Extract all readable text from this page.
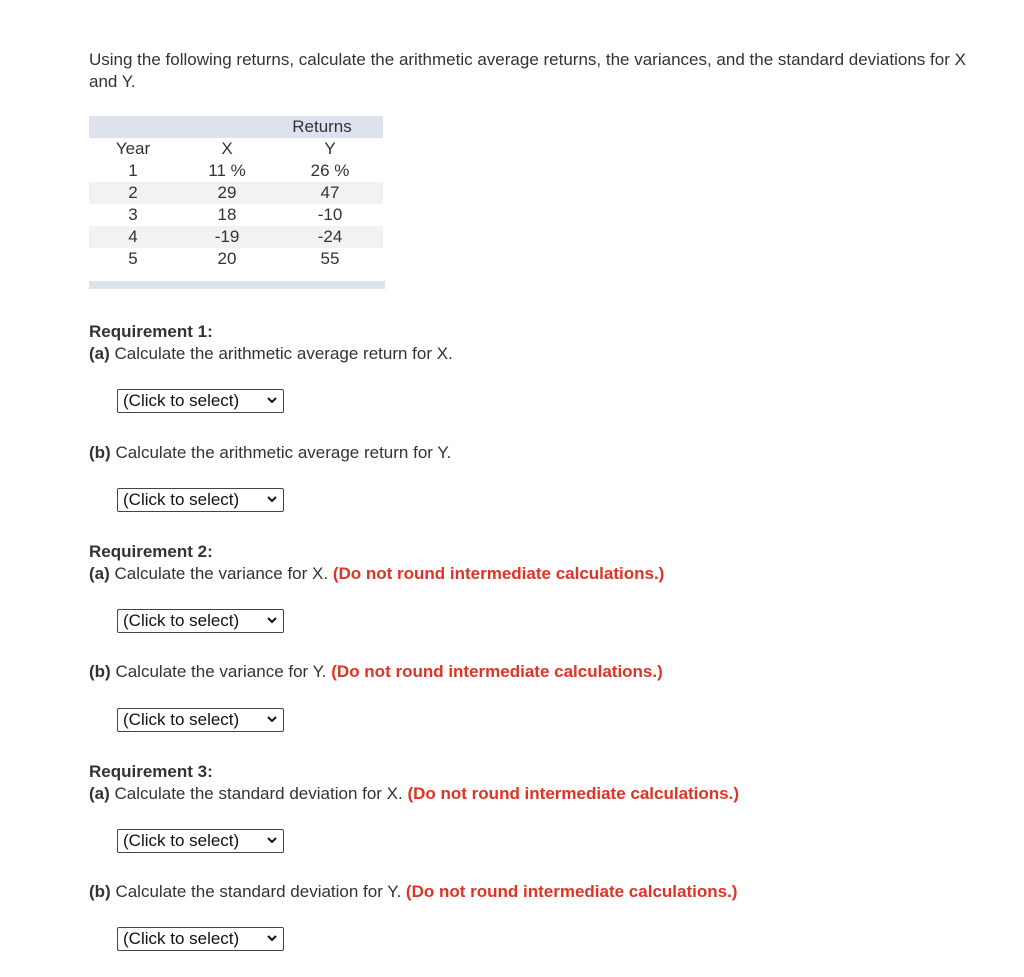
Using the following returns, calculate the arithmetic average returns, the variances, and the standard deviations for X and Y.

	Returns	
Year	X	Y
1	11 %	26 %
2	29	47
3	18	-10
4	-19	-24
5	20	55

Requirement 1:

(a) Calculate the arithmetic average return for X.

(Click to select)

(b) Calculate the arithmetic average return for Y.

(Click to select)

Requirement 2:

(a) Calculate the variance for X. (Do not round intermediate calculations.)

(Click to select)

(b) Calculate the variance for Y. (Do not round intermediate calculations.)

(Click to select)

Requirement 3:

(a) Calculate the standard deviation for X. (Do not round intermediate calculations.)

(Click to select)

(b) Calculate the standard deviation for Y. (Do not round intermediate calculations.)

(Click to select)
